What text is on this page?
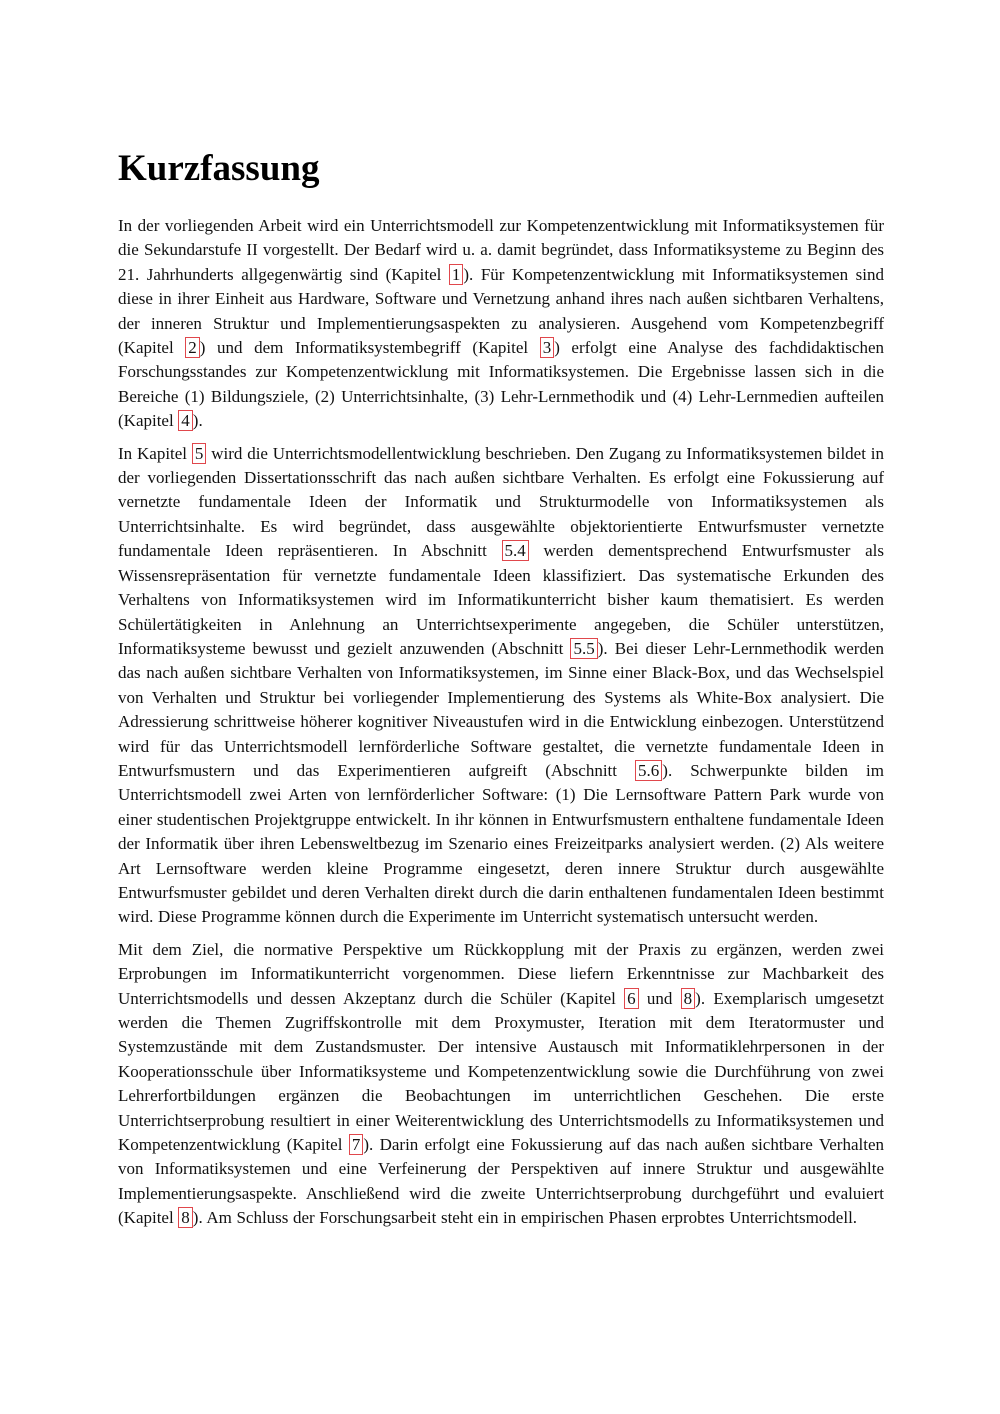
Kurzfassung

In der vorliegenden Arbeit wird ein Unterrichtsmodell zur Kompetenzentwicklung mit Informatiksystemen für die Sekundarstufe II vorgestellt. Der Bedarf wird u. a. damit begründet, dass Informatiksysteme zu Beginn des 21. Jahrhunderts allgegenwärtig sind (Kapitel 1 ). Für Kompetenzentwicklung mit Informatiksystemen sind diese in ihrer Einheit aus Hardware, Software und Vernetzung anhand ihres nach außen sichtbaren Verhaltens, der inneren Struktur und Implementierungsaspekten zu analysieren. Ausgehend vom Kompetenzbegriff (Kapitel 2 ) und dem Informatiksystembegriff (Kapitel 3 ) erfolgt eine Analyse des fachdidaktischen Forschungsstandes zur Kompetenzentwicklung mit Informatiksystemen. Die Ergebnisse lassen sich in die Bereiche (1) Bildungsziele, (2) Unterrichtsinhalte, (3) Lehr-Lernmethodik und (4) Lehr-Lernmedien aufteilen (Kapitel 4 ).

In Kapitel 5 wird die Unterrichtsmodellentwicklung beschrieben. Den Zugang zu Informatiksystemen bildet in der vorliegenden Dissertationsschrift das nach außen sichtbare Verhalten. Es erfolgt eine Fokussierung auf vernetzte fundamentale Ideen der Informatik und Strukturmodelle von Informatiksystemen als Unterrichtsinhalte. Es wird begründet, dass ausgewählte objektorientierte Entwurfsmuster vernetzte fundamentale Ideen repräsentieren. In Abschnitt 5.4 werden dementsprechend Entwurfsmuster als Wissensrepräsentation für vernetzte fundamentale Ideen klassifiziert. Das systematische Erkunden des Verhaltens von Informatiksystemen wird im Informatikunterricht bisher kaum thematisiert. Es werden Schülertätigkeiten in Anlehnung an Unterrichtsexperimente angegeben, die Schüler unterstützen, Informatiksysteme bewusst und gezielt anzuwenden (Abschnitt 5.5 ). Bei dieser Lehr-Lernmethodik werden das nach außen sichtbare Verhalten von Informatiksystemen, im Sinne einer Black-Box, und das Wechselspiel von Verhalten und Struktur bei vorliegender Implementierung des Systems als White-Box analysiert. Die Adressierung schrittweise höherer kognitiver Niveaustufen wird in die Entwicklung einbezogen. Unterstützend wird für das Unterrichtsmodell lernförderliche Software gestaltet, die vernetzte fundamentale Ideen in Entwurfsmustern und das Experimentieren aufgreift (Abschnitt 5.6 ). Schwerpunkte bilden im Unterrichtsmodell zwei Arten von lernförderlicher Software: (1) Die Lernsoftware Pattern Park wurde von einer studentischen Projektgruppe entwickelt. In ihr können in Entwurfsmustern enthaltene fundamentale Ideen der Informatik über ihren Lebensweltbezug im Szenario eines Freizeitparks analysiert werden. (2) Als weitere Art Lernsoftware werden kleine Programme eingesetzt, deren innere Struktur durch ausgewählte Entwurfsmuster gebildet und deren Verhalten direkt durch die darin enthaltenen fundamentalen Ideen bestimmt wird. Diese Programme können durch die Experimente im Unterricht systematisch untersucht werden.

Mit dem Ziel, die normative Perspektive um Rückkopplung mit der Praxis zu ergänzen, werden zwei Erprobungen im Informatikunterricht vorgenommen. Diese liefern Erkenntnisse zur Machbarkeit des Unterrichtsmodells und dessen Akzeptanz durch die Schüler (Kapitel 6 und 8 ). Exemplarisch umgesetzt werden die Themen Zugriffskontrolle mit dem Proxymuster, Iteration mit dem Iteratormuster und Systemzustände mit dem Zustandsmuster. Der intensive Austausch mit Informatiklehrpersonen in der Kooperationsschule über Informatiksysteme und Kompetenzentwicklung sowie die Durchführung von zwei Lehrerfortbildungen ergänzen die Beobachtungen im unterrichtlichen Geschehen. Die erste Unterrichtserprobung resultiert in einer Weiterentwicklung des Unterrichtsmodells zu Informatiksystemen und Kompetenzentwicklung (Kapitel 7 ). Darin erfolgt eine Fokussierung auf das nach außen sichtbare Verhalten von Informatiksystemen und eine Verfeinerung der Perspektiven auf innere Struktur und ausgewählte Implementierungsaspekte. Anschließend wird die zweite Unterrichtserprobung durchgeführt und evaluiert (Kapitel 8 ). Am Schluss der Forschungsarbeit steht ein in empirischen Phasen erprobtes Unterrichtsmodell.
